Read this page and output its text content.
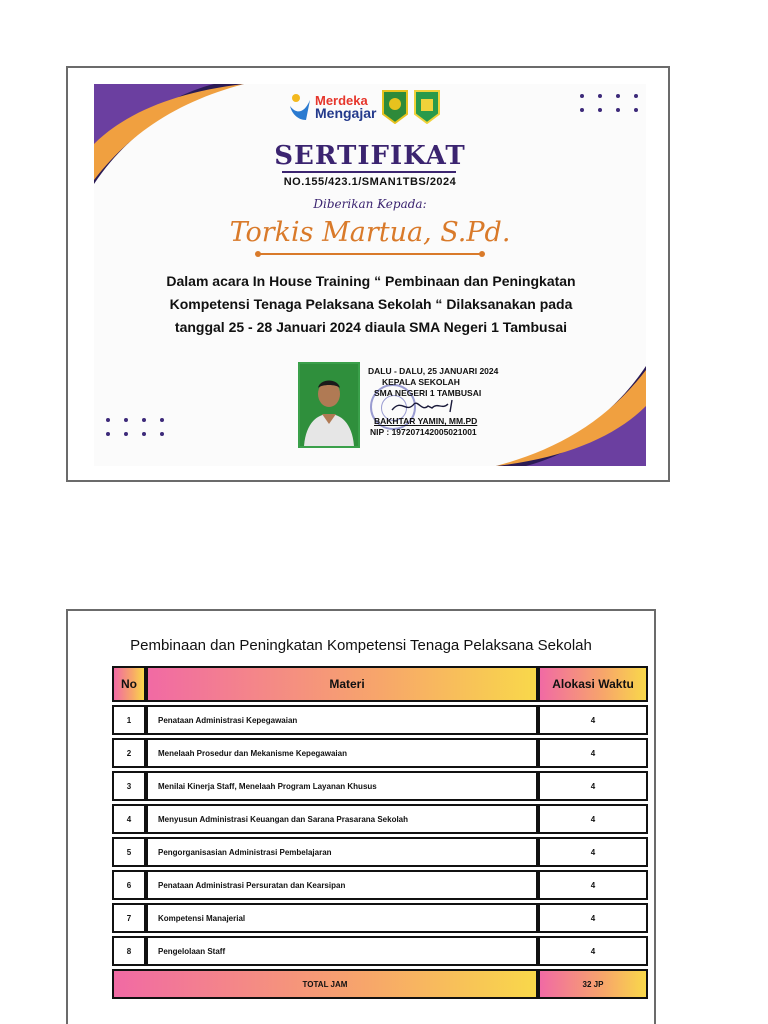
Merdeka
Mengajar
SERTIFIKAT
NO.155/423.1/SMAN1TBS/2024
Diberikan Kepada:
Torkis Martua, S.Pd.
Dalam acara In House Training “ Pembinaan dan Peningkatan
Kompetensi Tenaga Pelaksana Sekolah “ Dilaksanakan pada
tanggal 25 - 28 Januari 2024 diaula SMA Negeri 1 Tambusai
DALU - DALU, 25 JANUARI 2024
KEPALA SEKOLAH
SMA NEGERI 1 TAMBUSAI
BAKHTAR YAMIN, MM.PD
NIP : 197207142005021001
Pembinaan dan Peningkatan Kompetensi Tenaga Pelaksana Sekolah
No	Materi	Alokasi Waktu
1	Penataan Administrasi Kepegawaian	4
2	Menelaah Prosedur dan Mekanisme Kepegawaian	4
3	Menilai Kinerja Staff, Menelaah Program Layanan Khusus	4
4	Menyusun Administrasi Keuangan dan Sarana Prasarana Sekolah	4
5	Pengorganisasian Administrasi Pembelajaran	4
6	Penataan Administrasi Persuratan dan Kearsipan	4
7	Kompetensi Manajerial	4
8	Pengelolaan Staff	4
TOTAL JAM		32 JP
